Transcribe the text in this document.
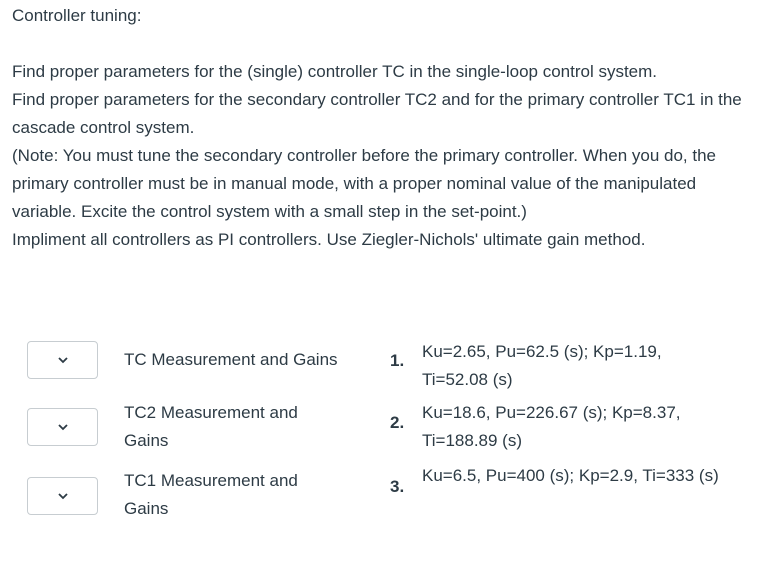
Controller tuning:
Find proper parameters for the (single) controller TC in the single-loop control system.
Find proper parameters for the secondary controller TC2 and for the primary controller TC1 in the cascade control system.
(Note: You must tune the secondary controller before the primary controller. When you do, the primary controller must be in manual mode, with a proper nominal value of the manipulated variable. Excite the control system with a small step in the set-point.)
Impliment all controllers as PI controllers. Use Ziegler-Nichols' ultimate gain method.
TC Measurement and Gains
TC2 Measurement and Gains
TC1 Measurement and Gains
1. Ku=2.65, Pu=62.5 (s); Kp=1.19, Ti=52.08 (s)
2.
Ku=18.6, Pu=226.67 (s); Kp=8.37, Ti=188.89 (s)
3.
Ku=6.5, Pu=400 (s); Kp=2.9, Ti=333 (s)
